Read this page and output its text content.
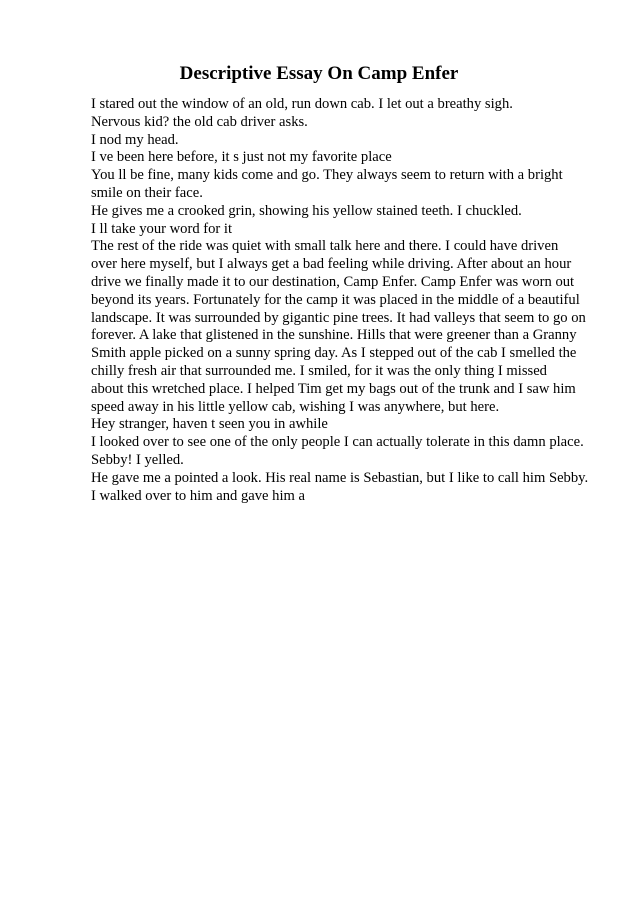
Descriptive Essay On Camp Enfer
I stared out the window of an old, run down cab. I let out a breathy sigh.
Nervous kid? the old cab driver asks.
I nod my head.
I ve been here before, it s just not my favorite place
You ll be fine, many kids come and go. They always seem to return with a bright
smile on their face.
He gives me a crooked grin, showing his yellow stained teeth. I chuckled.
I ll take your word for it
The rest of the ride was quiet with small talk here and there. I could have driven
over here myself, but I always get a bad feeling while driving. After about an hour
drive we finally made it to our destination, Camp Enfer. Camp Enfer was worn out
beyond its years. Fortunately for the camp it was placed in the middle of a beautiful
landscape. It was surrounded by gigantic pine trees. It had valleys that seem to go on
forever. A lake that glistened in the sunshine. Hills that were greener than a Granny
Smith apple picked on a sunny spring day. As I stepped out of the cab I smelled the
chilly fresh air that surrounded me. I smiled, for it was the only thing I missed
about this wretched place. I helped Tim get my bags out of the trunk and I saw him
speed away in his little yellow cab, wishing I was anywhere, but here.
Hey stranger, haven t seen you in awhile
I looked over to see one of the only people I can actually tolerate in this damn place.
Sebby! I yelled.
He gave me a pointed a look. His real name is Sebastian, but I like to call him Sebby.
I walked over to him and gave him a
